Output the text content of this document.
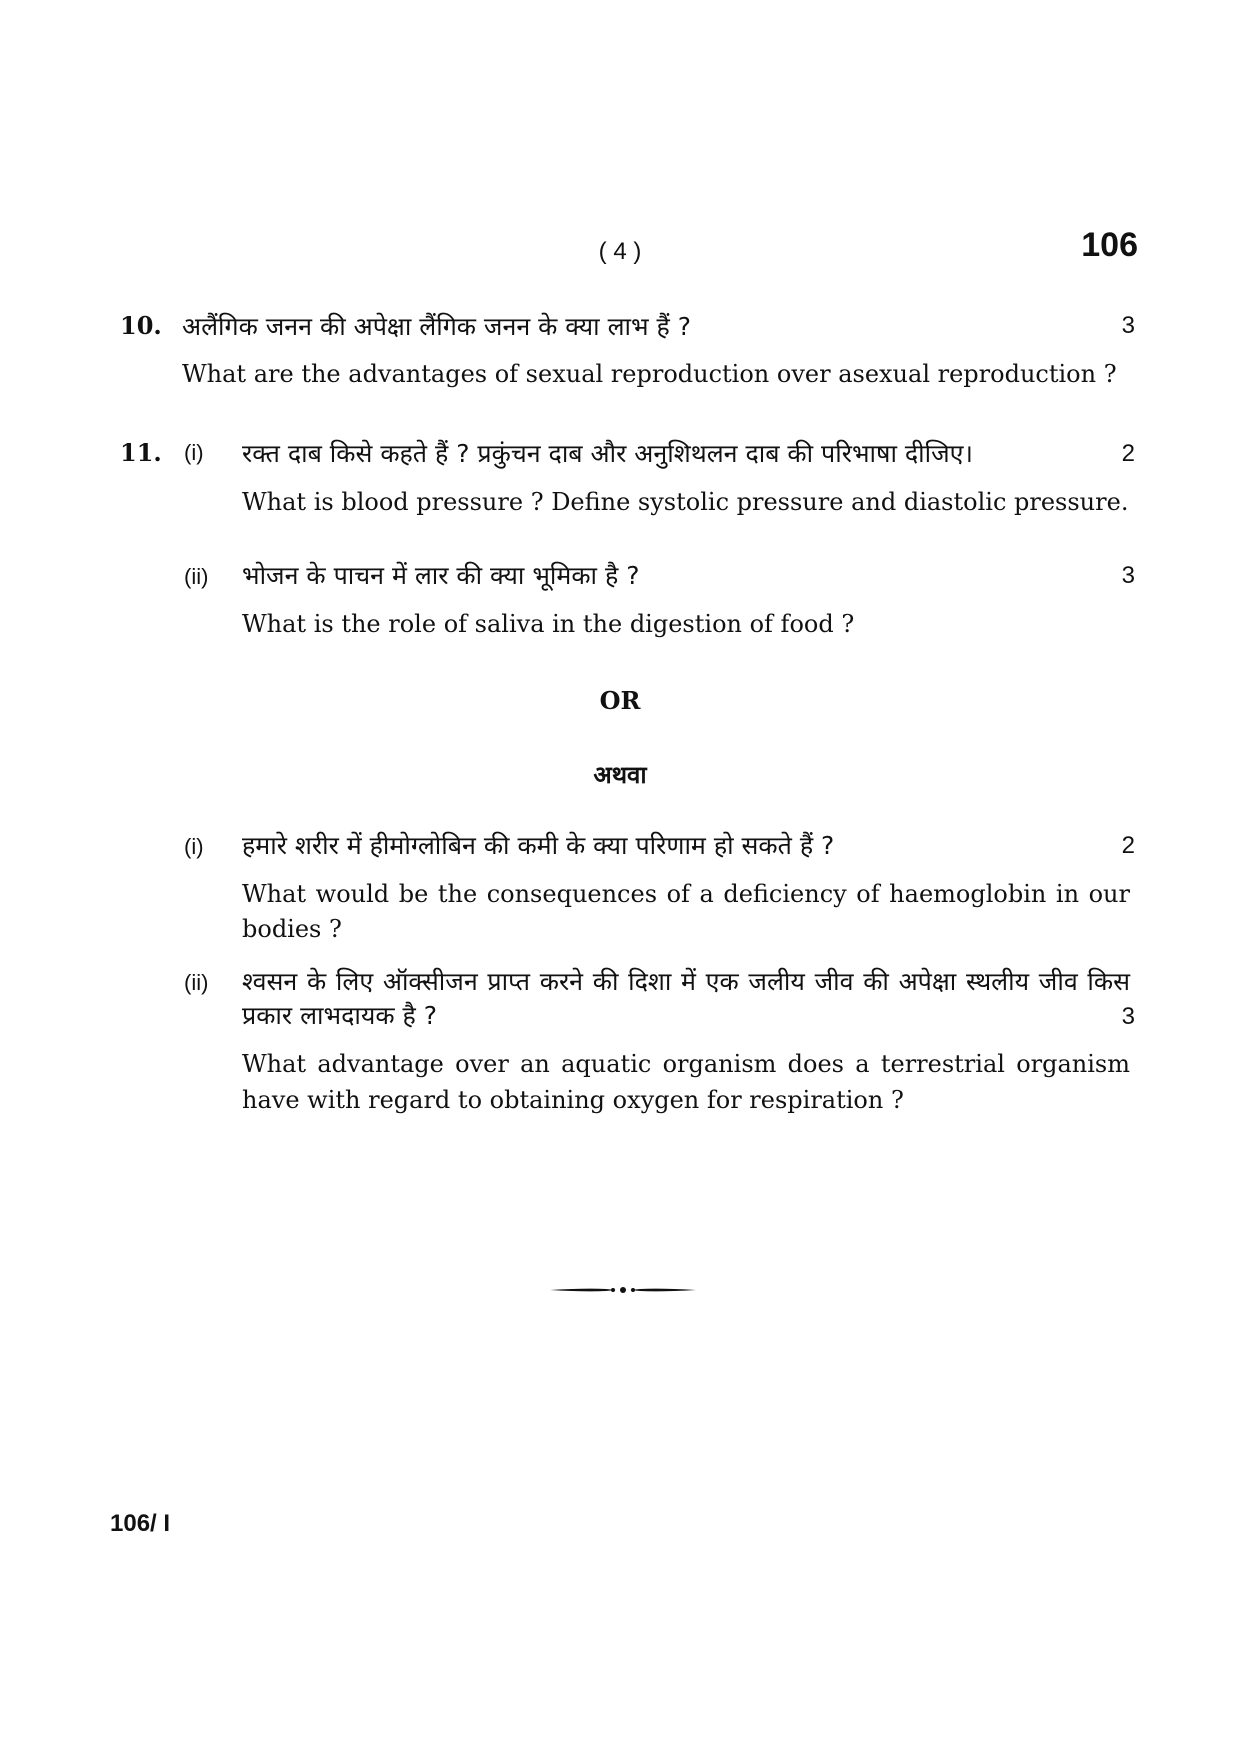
( 4 )	106
10. अलैंगिक जनन की अपेक्षा लैंगिक जनन के क्या लाभ हैं ?	3
What are the advantages of sexual reproduction over asexual reproduction ?
11. (i) रक्त दाब किसे कहते हैं ? प्रकुंचन दाब और अनुशिथलन दाब की परिभाषा दीजिए।	2
What is blood pressure ? Define systolic pressure and diastolic pressure.
(ii) भोजन के पाचन में लार की क्या भूमिका है ?	3
What is the role of saliva in the digestion of food ?
OR
अथवा
(i) हमारे शरीर में हीमोग्लोबिन की कमी के क्या परिणाम हो सकते हैं ?	2
What would be the consequences of a deficiency of haemoglobin in our
bodies ?
(ii) श्वसन के लिए ऑक्सीजन प्राप्त करने की दिशा में एक जलीय जीव की अपेक्षा स्थलीय जीव किस
प्रकार लाभदायक है ?	3
What advantage over an aquatic organism does a terrestrial organism
have with regard to obtaining oxygen for respiration ?
106/ I
